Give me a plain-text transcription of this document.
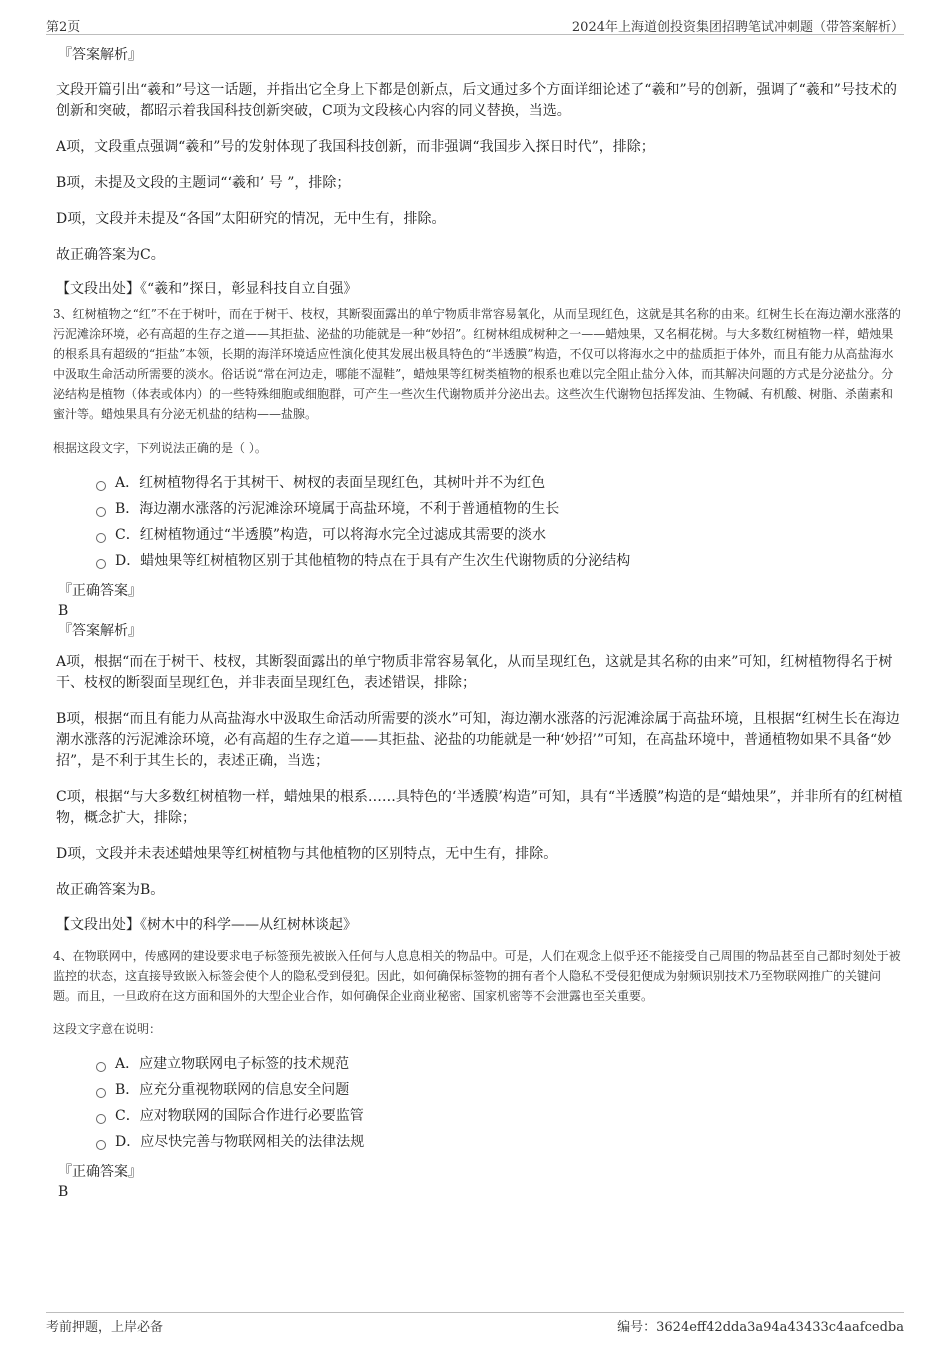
第2页	2024年上海道创投资集团招聘笔试冲刺题（带答案解析）

『答案解析』

文段开篇引出“羲和”号这一话题，并指出它全身上下都是创新点，后文通过多个方面详细论述了“羲和”号的创新，强调了“羲和”号技术的创新和突破，都昭示着我国科技创新突破，C项为文段核心内容的同义替换，当选。

A项，文段重点强调“羲和”号的发射体现了我国科技创新，而非强调“我国步入探日时代”，排除；

B项，未提及文段的主题词“‘羲和’ 号 ”，排除；

D项，文段并未提及“各国”太阳研究的情况，无中生有，排除。

故正确答案为C。

【文段出处】《“羲和”探日，彰显科技自立自强》

3、红树植物之“红”不在于树叶，而在于树干、枝杈，其断裂面露出的单宁物质非常容易氧化，从而呈现红色，这就是其名称的由来。红树生长在海边潮水涨落的污泥滩涂环境，必有高超的生存之道——其拒盐、泌盐的功能就是一种“妙招”。红树林组成树种之一——蜡烛果，又名桐花树。与大多数红树植物一样，蜡烛果的根系具有超级的“拒盐”本领，长期的海洋环境适应性演化使其发展出极具特色的“半透膜”构造，不仅可以将海水之中的盐质拒于体外，而且有能力从高盐海水中汲取生命活动所需要的淡水。俗话说“常在河边走，哪能不湿鞋”，蜡烛果等红树类植物的根系也难以完全阻止盐分入体，而其解决问题的方式是分泌盐分。分泌结构是植物（体表或体内）的一些特殊细胞或细胞群，可产生一些次生代谢物质并分泌出去。这些次生代谢物包括挥发油、生物碱、有机酸、树脂、杀菌素和蜜汁等。蜡烛果具有分泌无机盐的结构——盐腺。

根据这段文字，下列说法正确的是（ ）。

A．红树植物得名于其树干、树杈的表面呈现红色，其树叶并不为红色
B．海边潮水涨落的污泥滩涂环境属于高盐环境，不利于普通植物的生长
C．红树植物通过“半透膜”构造，可以将海水完全过滤成其需要的淡水
D．蜡烛果等红树植物区别于其他植物的特点在于具有产生次生代谢物质的分泌结构

『正确答案』

B

『答案解析』

A项，根据“而在于树干、枝杈，其断裂面露出的单宁物质非常容易氧化，从而呈现红色，这就是其名称的由来”可知，红树植物得名于树干、枝杈的断裂面呈现红色，并非表面呈现红色，表述错误，排除；

B项，根据“而且有能力从高盐海水中汲取生命活动所需要的淡水”可知，海边潮水涨落的污泥滩涂属于高盐环境，且根据“红树生长在海边潮水涨落的污泥滩涂环境，必有高超的生存之道——其拒盐、泌盐的功能就是一种‘妙招’”可知，在高盐环境中，普通植物如果不具备“妙招”，是不利于其生长的，表述正确，当选；

C项，根据“与大多数红树植物一样，蜡烛果的根系……具特色的‘半透膜’构造”可知，具有“半透膜”构造的是“蜡烛果”，并非所有的红树植物，概念扩大，排除；

D项，文段并未表述蜡烛果等红树植物与其他植物的区别特点，无中生有，排除。

故正确答案为B。

【文段出处】《树木中的科学——从红树林谈起》

4、在物联网中，传感网的建设要求电子标签预先被嵌入任何与人息息相关的物品中。可是，人们在观念上似乎还不能接受自己周围的物品甚至自己都时刻处于被监控的状态，这直接导致嵌入标签会使个人的隐私受到侵犯。因此，如何确保标签物的拥有者个人隐私不受侵犯便成为射频识别技术乃至物联网推广的关键问题。而且，一旦政府在这方面和国外的大型企业合作，如何确保企业商业秘密、国家机密等不会泄露也至关重要。

这段文字意在说明：

A．应建立物联网电子标签的技术规范
B．应充分重视物联网的信息安全问题
C．应对物联网的国际合作进行必要监管
D．应尽快完善与物联网相关的法律法规

『正确答案』

B

考前押题，上岸必备	编号：3624eff42dda3a94a43433c4aafcedba
